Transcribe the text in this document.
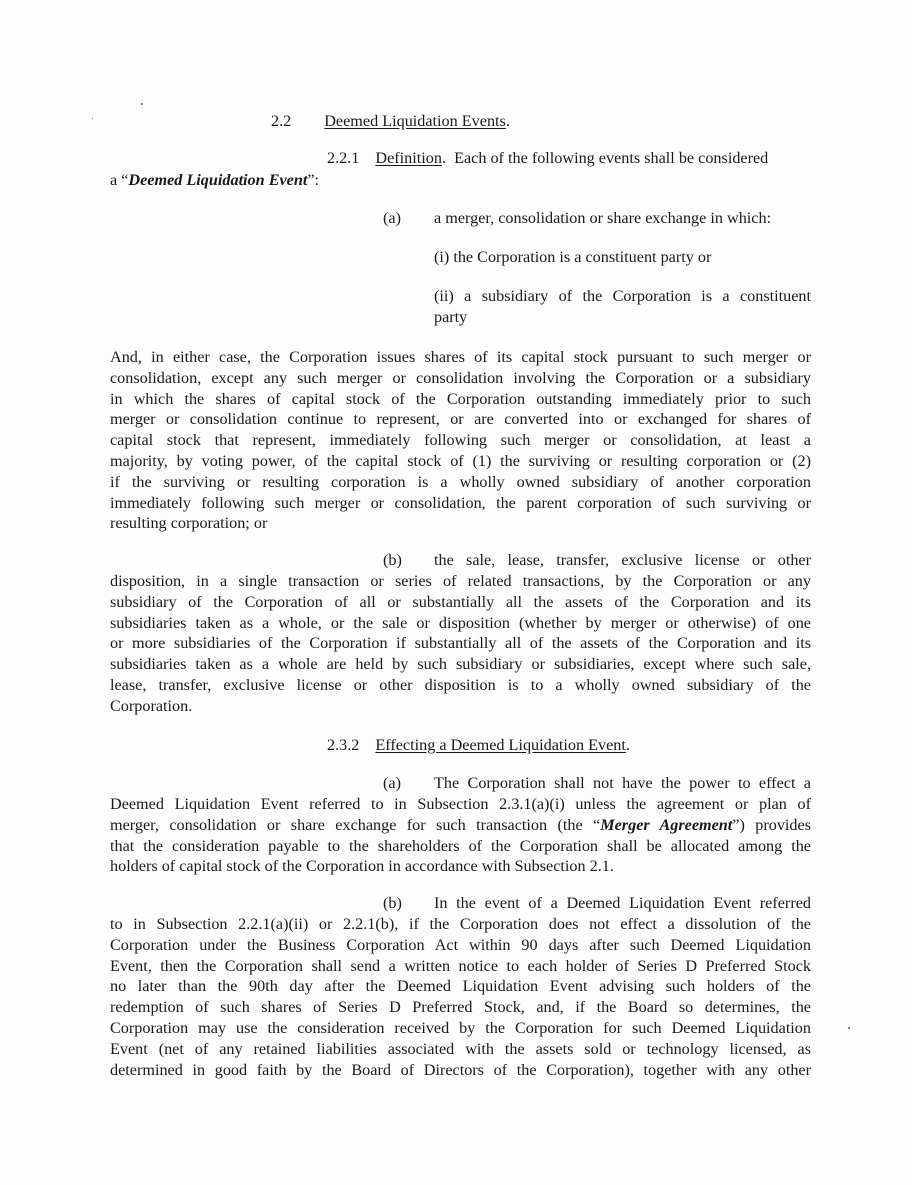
2.2 Deemed Liquidation Events.
2.2.1 Definition. Each of the following events shall be considered
a “Deemed Liquidation Event”:
(a) a merger, consolidation or share exchange in which:
(i) the Corporation is a constituent party or
(ii) a subsidiary of the Corporation is a constituent
party
And, in either case, the Corporation issues shares of its capital stock pursuant to such merger or
consolidation, except any such merger or consolidation involving the Corporation or a subsidiary
in which the shares of capital stock of the Corporation outstanding immediately prior to such
merger or consolidation continue to represent, or are converted into or exchanged for shares of
capital stock that represent, immediately following such merger or consolidation, at least a
majority, by voting power, of the capital stock of (1) the surviving or resulting corporation or (2)
if the surviving or resulting corporation is a wholly owned subsidiary of another corporation
immediately following such merger or consolidation, the parent corporation of such surviving or
resulting corporation; or
(b) the sale, lease, transfer, exclusive license or other
disposition, in a single transaction or series of related transactions, by the Corporation or any
subsidiary of the Corporation of all or substantially all the assets of the Corporation and its
subsidiaries taken as a whole, or the sale or disposition (whether by merger or otherwise) of one
or more subsidiaries of the Corporation if substantially all of the assets of the Corporation and its
subsidiaries taken as a whole are held by such subsidiary or subsidiaries, except where such sale,
lease, transfer, exclusive license or other disposition is to a wholly owned subsidiary of the
Corporation.
2.3.2 Effecting a Deemed Liquidation Event.
(a) The Corporation shall not have the power to effect a
Deemed Liquidation Event referred to in Subsection 2.3.1(a)(i) unless the agreement or plan of
merger, consolidation or share exchange for such transaction (the “Merger Agreement”) provides
that the consideration payable to the shareholders of the Corporation shall be allocated among the
holders of capital stock of the Corporation in accordance with Subsection 2.1.
(b) In the event of a Deemed Liquidation Event referred
to in Subsection 2.2.1(a)(ii) or 2.2.1(b), if the Corporation does not effect a dissolution of the
Corporation under the Business Corporation Act within 90 days after such Deemed Liquidation
Event, then the Corporation shall send a written notice to each holder of Series D Preferred Stock
no later than the 90th day after the Deemed Liquidation Event advising such holders of the
redemption of such shares of Series D Preferred Stock, and, if the Board so determines, the
Corporation may use the consideration received by the Corporation for such Deemed Liquidation
Event (net of any retained liabilities associated with the assets sold or technology licensed, as
determined in good faith by the Board of Directors of the Corporation), together with any other
